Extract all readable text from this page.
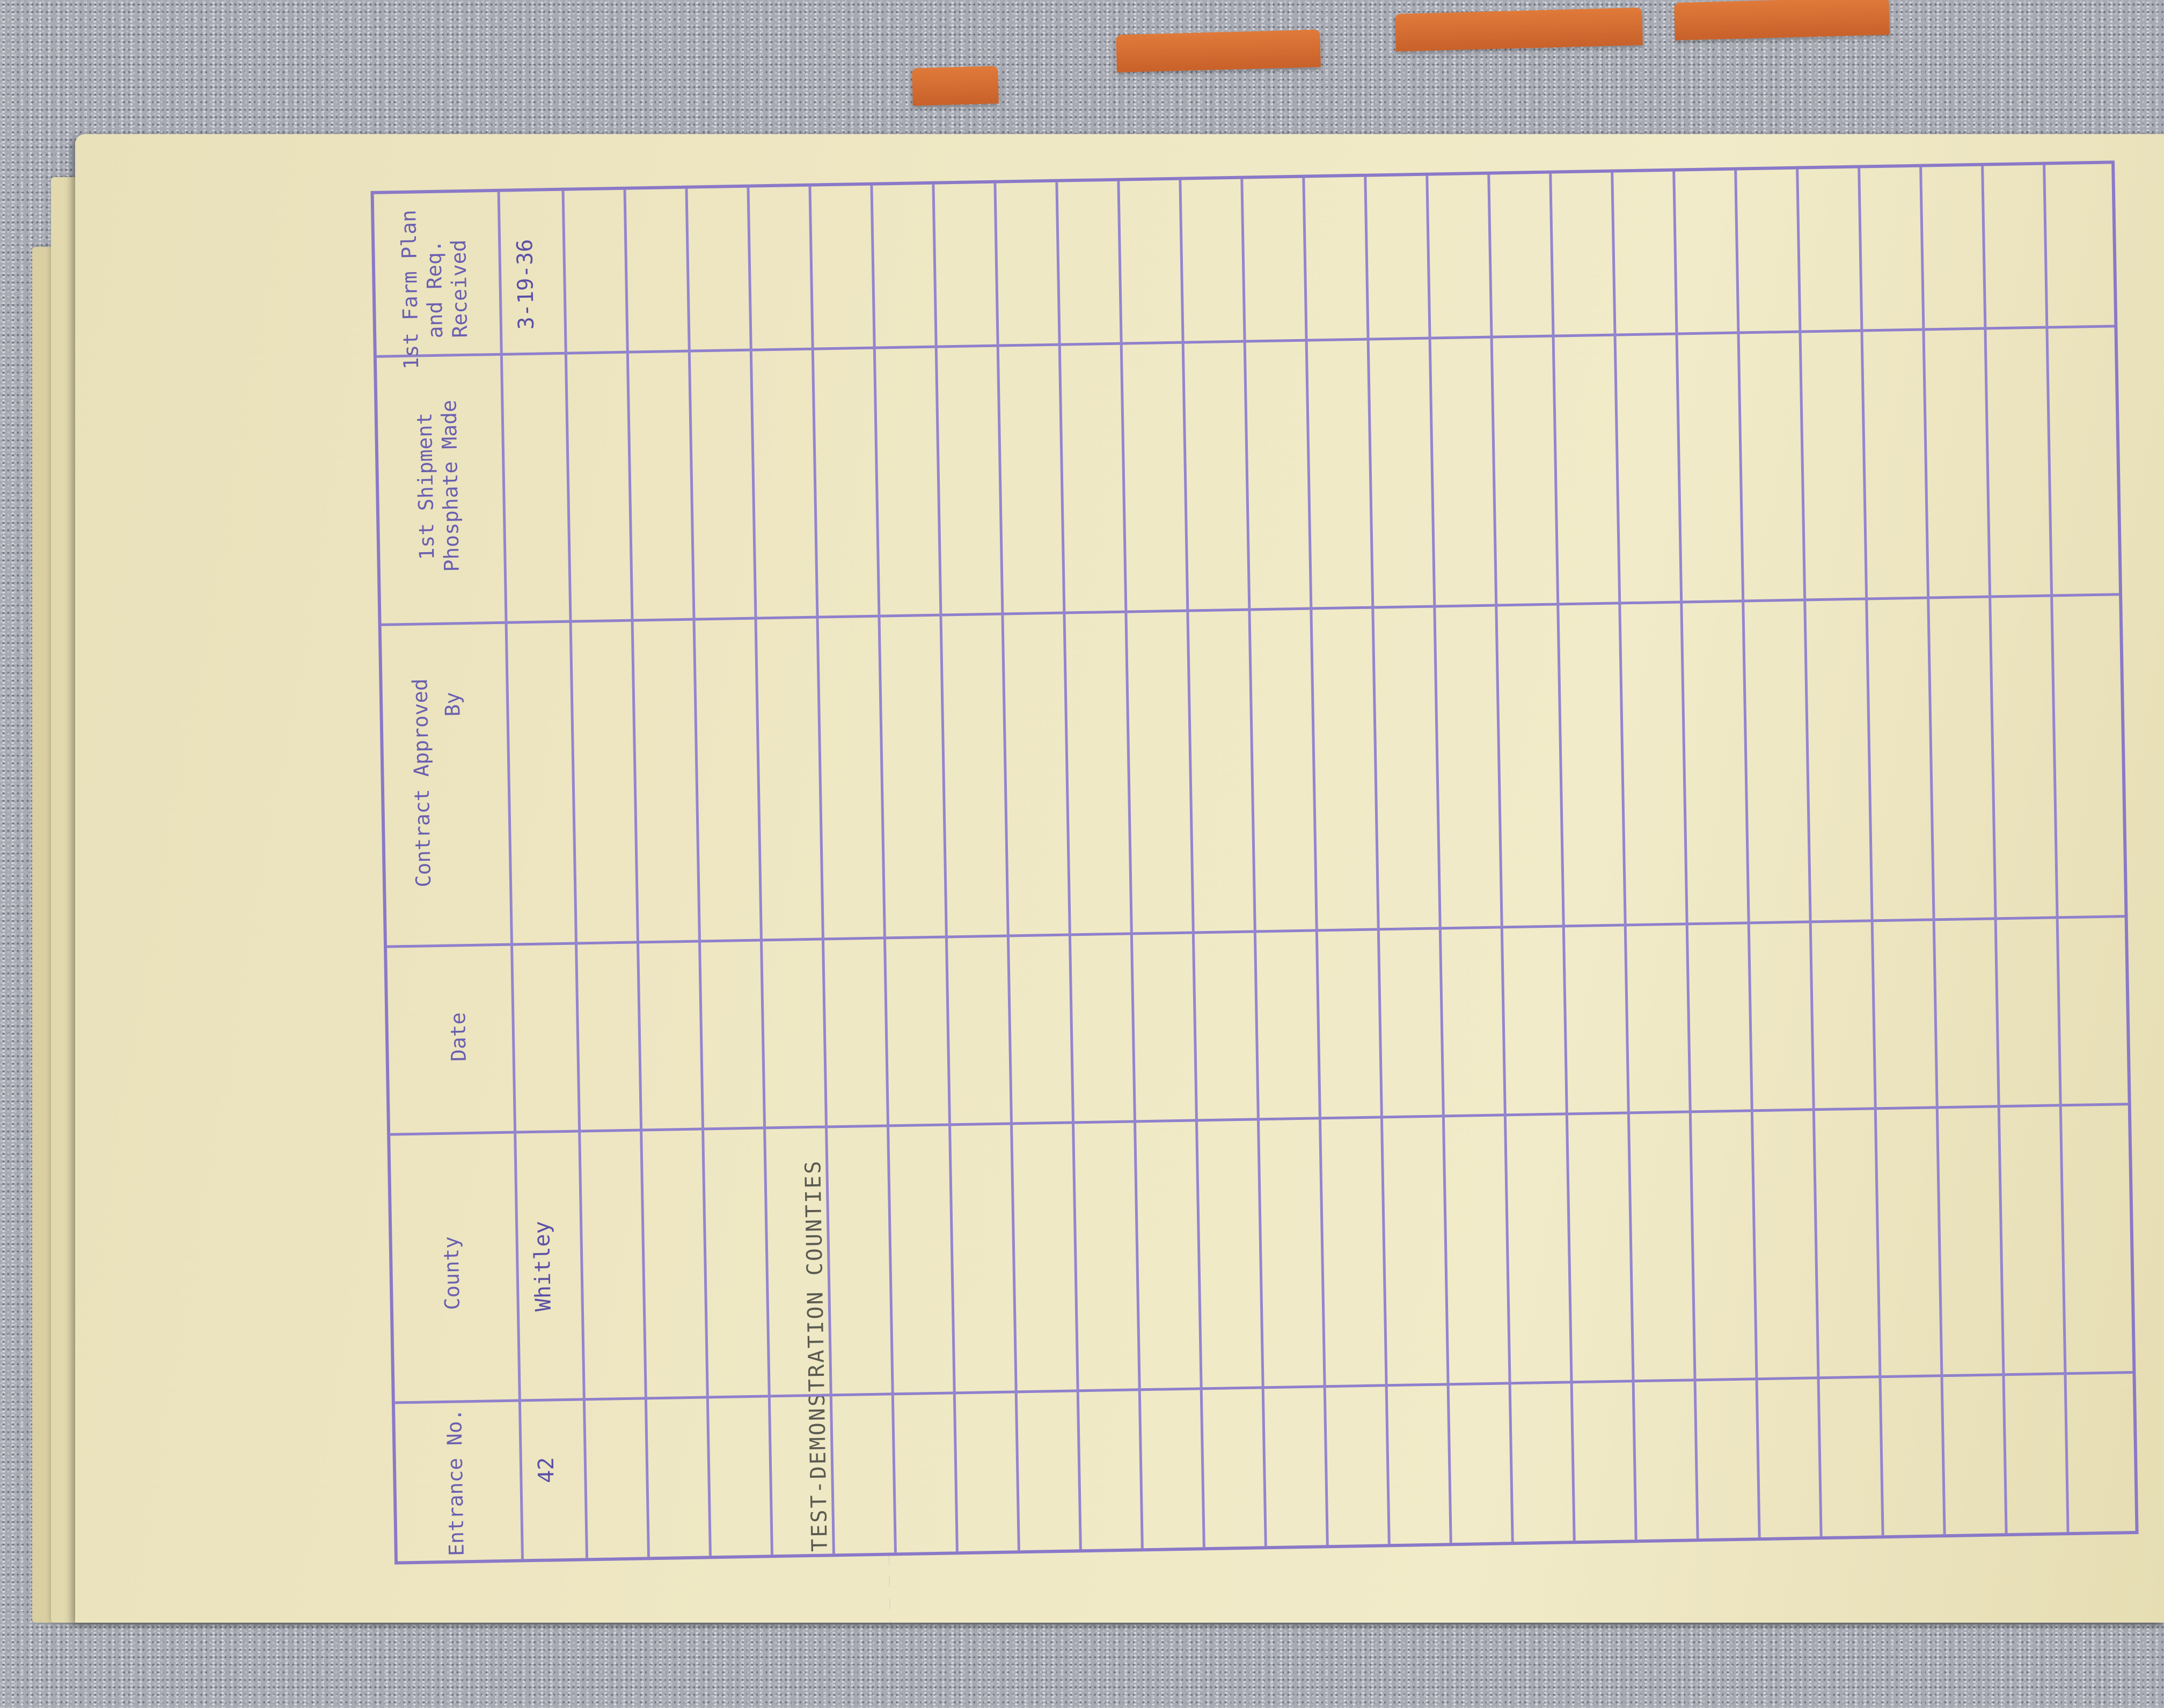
TEST-DEMONSTRATION COUNTIES
_ _ _ _ _ _ _
1st Farm Plan and Req. Received
1st Shipment Phosphate Made
Contract Approved By
Date
County
Entrance No.
3-19-36
Whitley
42
